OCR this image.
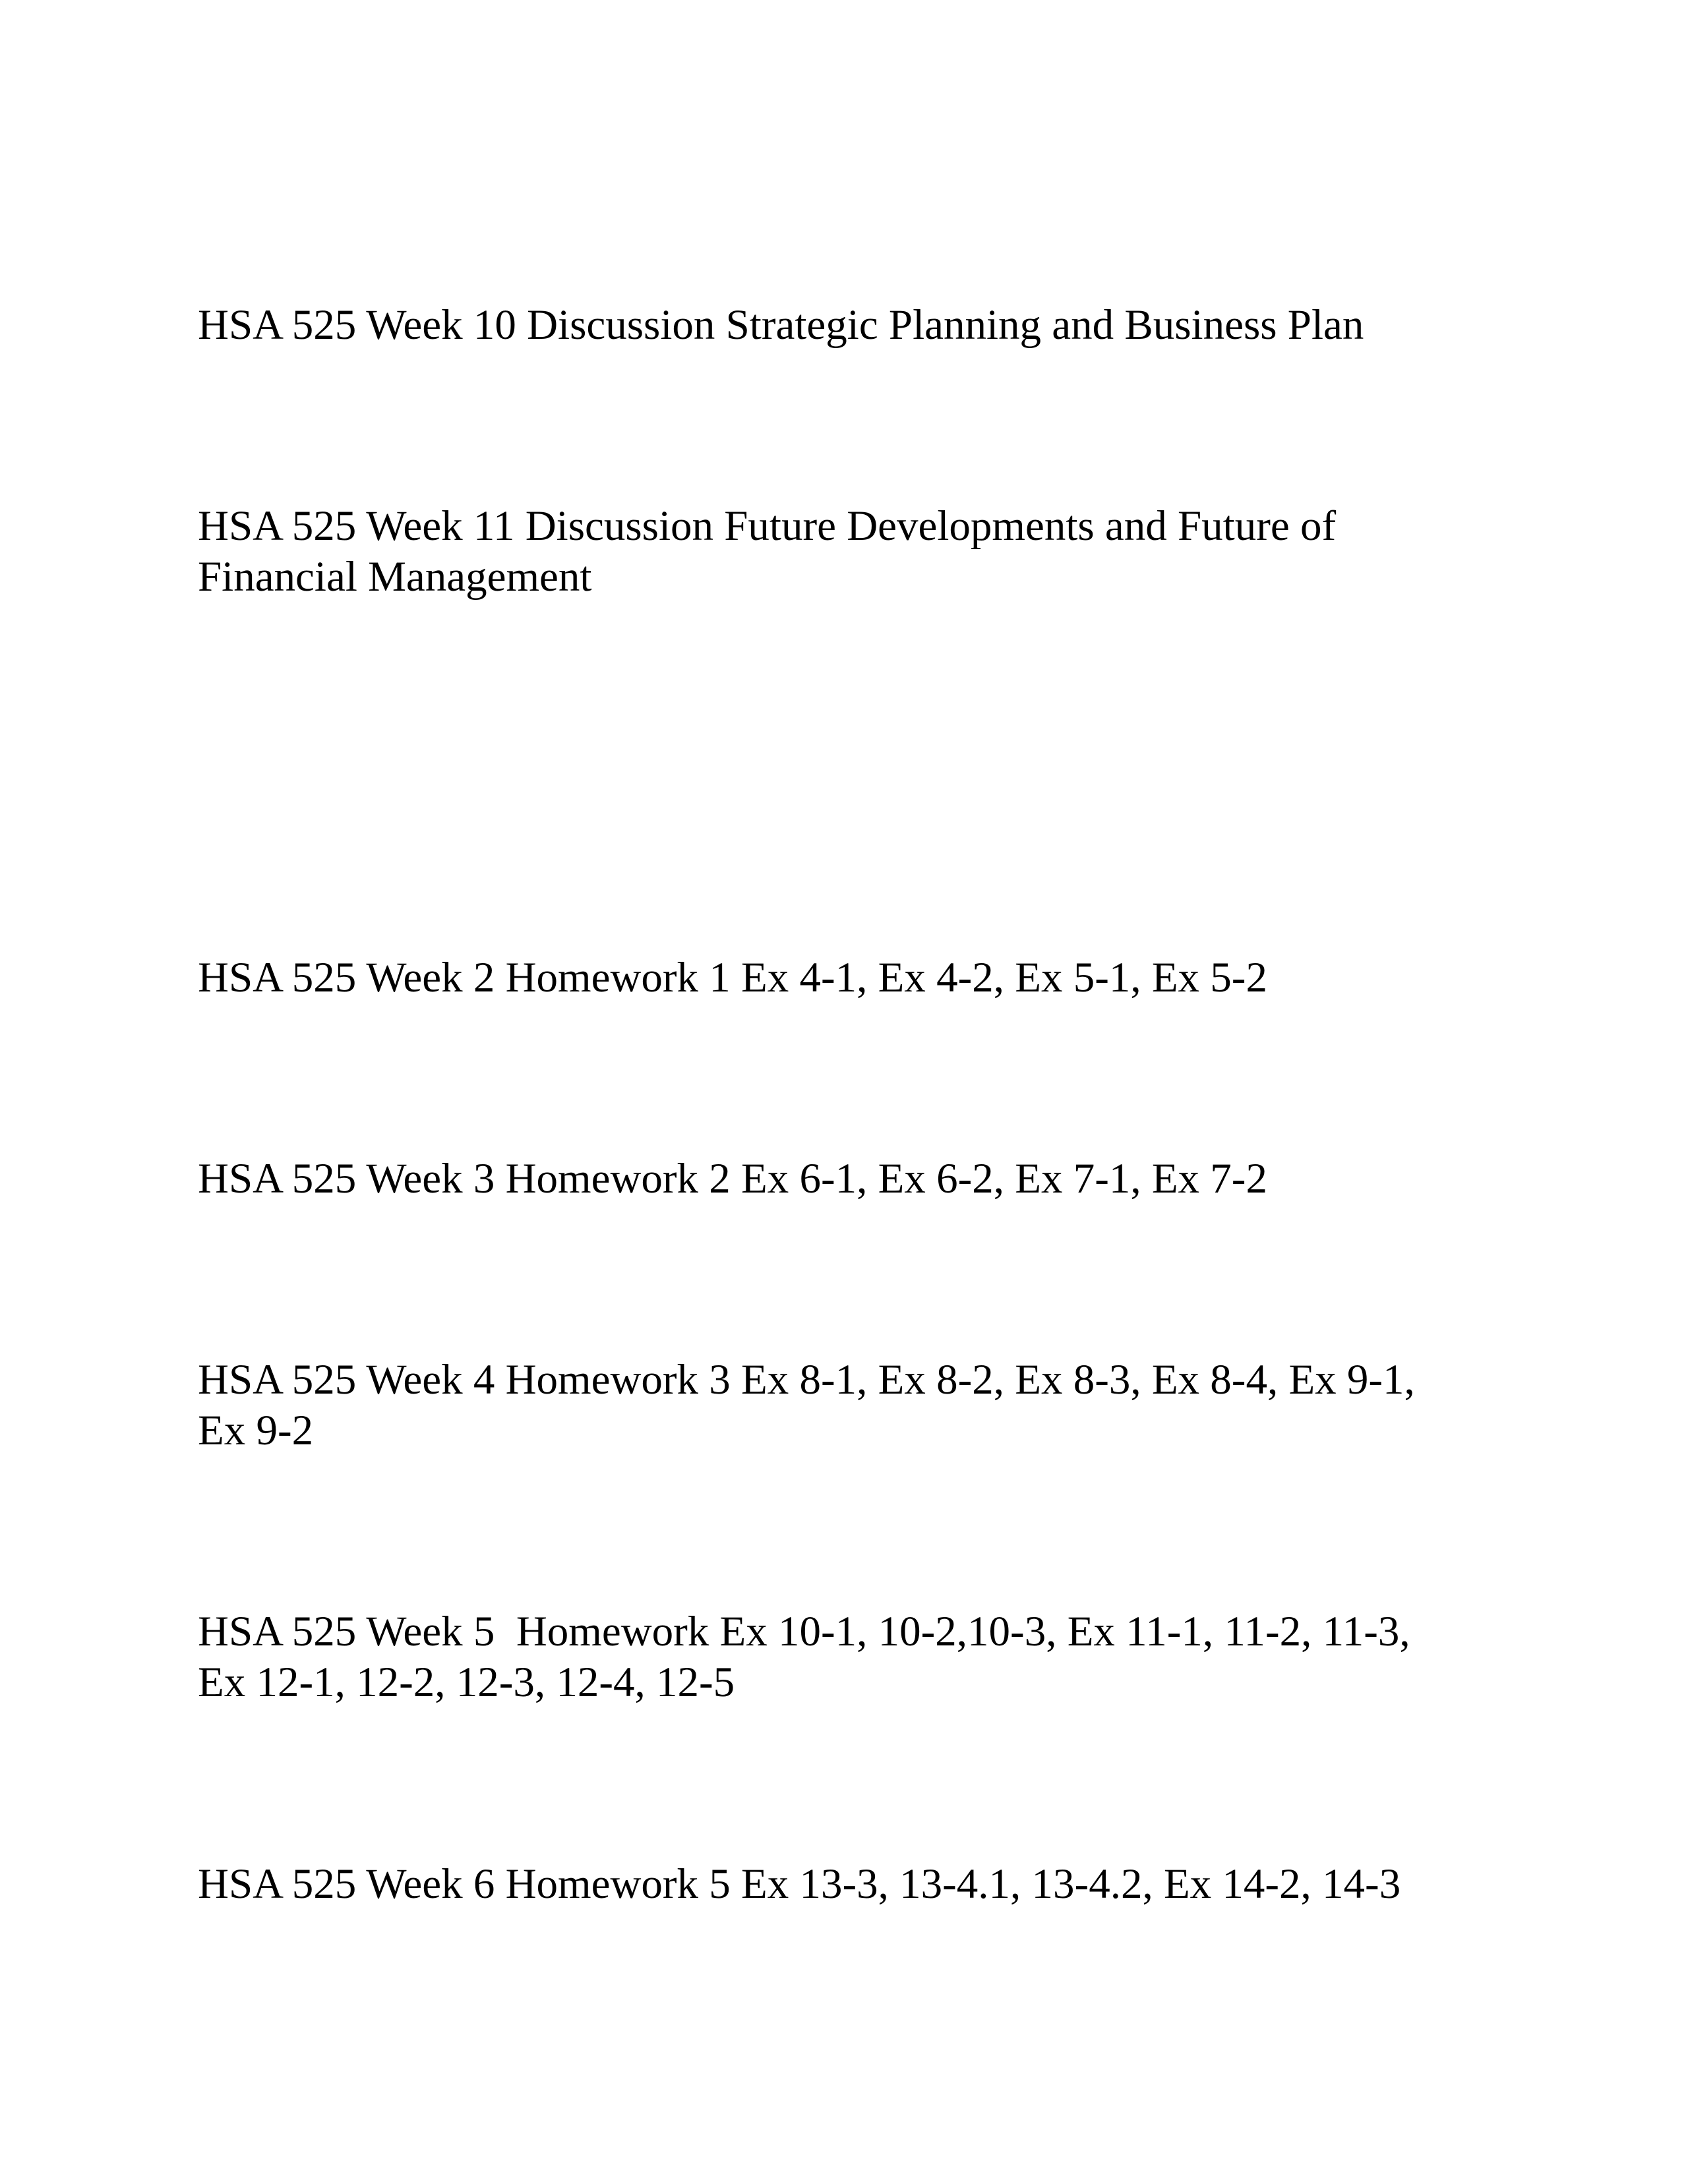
HSA 525 Week 10 Discussion Strategic Planning and Business Plan

HSA 525 Week 11 Discussion Future Developments and Future of
Financial Management

HSA 525 Week 2 Homework 1 Ex 4-1, Ex 4-2, Ex 5-1, Ex 5-2

HSA 525 Week 3 Homework 2 Ex 6-1, Ex 6-2, Ex 7-1, Ex 7-2

HSA 525 Week 4 Homework 3 Ex 8-1, Ex 8-2, Ex 8-3, Ex 8-4, Ex 9-1,
Ex 9-2

HSA 525 Week 5  Homework Ex 10-1, 10-2,10-3, Ex 11-1, 11-2, 11-3,
Ex 12-1, 12-2, 12-3, 12-4, 12-5

HSA 525 Week 6 Homework 5 Ex 13-3, 13-4.1, 13-4.2, Ex 14-2, 14-3
